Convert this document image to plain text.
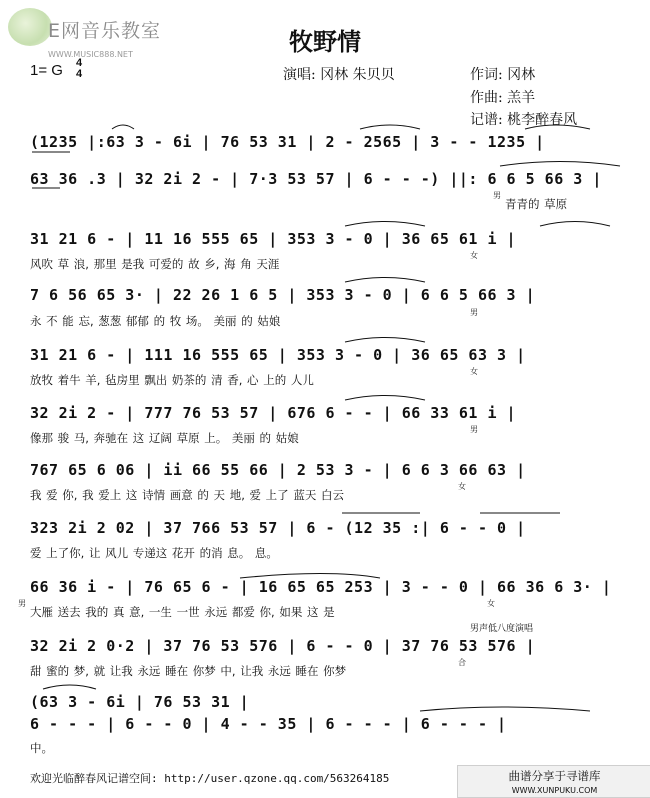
E网音乐教室
WWW.MUSIC888.NET	牧野情
1= G 4
4	演唱: 冈林 朱贝贝	作词: 冈林
作曲: 羔羊
记谱: 桃李醉春风
(1235 |:63 3 - 6i | 76 53 31 | 2 - 2565 | 3 - - 1235 |
63 36 .3 | 32 2i 2 - | 7·3 53 57 | 6 - - -) ||: 6 6 5 66 3 |
男
青青的 草原
31 21 6 - | 11 16 555 65 | 353 3 - 0 | 36 65 61 i |
女
风吹 草 浪, 那里 是我 可爱的 故 乡, 海 角 天涯
7 6 56 65 3· | 22 26 1 6 5 | 353 3 - 0 | 6 6 5 66 3 |
男
永 不 能 忘, 葱葱 郁郁 的 牧 场。 美丽 的 姑娘
31 21 6 - | 111 16 555 65 | 353 3 - 0 | 36 65 63 3 |
女
放牧 着牛 羊, 毡房里 飘出 奶茶的 清 香, 心 上的 人儿
32 2i 2 - | 777 76 53 57 | 676 6 - - | 66 33 61 i |
男
像那 骏 马, 奔驰在 这 辽阔 草原 上。 美丽 的 姑娘
767 65 6 06 | ii 66 55 66 | 2 53 3 - | 6 6 3 66 63 |
女
我 爱 你, 我 爱上 这 诗情 画意 的 天 地, 爱 上了 蓝天 白云
323 2i 2 02 | 37 766 53 57 | 6 - (12 35 :| 6 - - 0 |
爱 上了你, 让 风儿 专递这 花开 的消 息。 息。
66 36 i - | 76 65 6 - | 16 65 65 253 | 3 - - 0 | 66 36 6 3· |
男	女
大雁 送去 我的 真 意, 一生 一世 永远 都爱 你, 如果 这 是
男声低八度演唱
32 2i 2 0·2 | 37 76 53 576 | 6 - - 0 | 37 76 53 576 |
合
甜 蜜的 梦, 就 让我 永远 睡在 你梦 中, 让我 永远 睡在 你梦
(63 3 - 6i | 76 53 31 |
6 - - - | 6 - - 0 | 4 - - 35 | 6 - - - | 6 - - - |
中。
欢迎光临醉春风记谱空间: http://user.qzone.qq.com/563264185	曲谱分享于寻谱库
WWW.XUNPUKU.COM
